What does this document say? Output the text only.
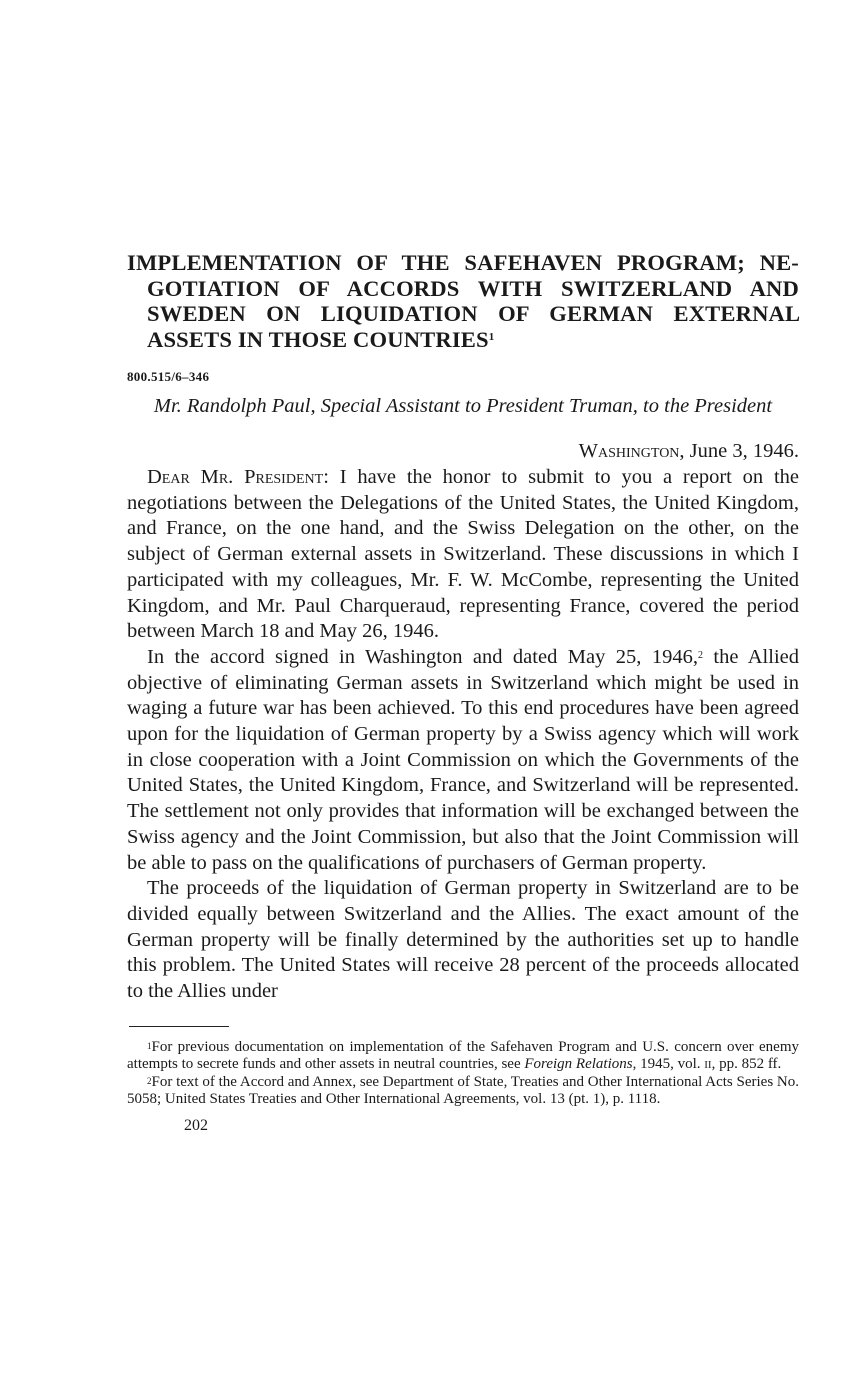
IMPLEMENTATION OF THE SAFEHAVEN PROGRAM; NE- GOTIATION OF ACCORDS WITH SWITZERLAND AND SWEDEN ON LIQUIDATION OF GERMAN EXTERNAL ASSETS IN THOSE COUNTRIES$^1$
800.515/6–346
Mr. Randolph Paul, Special Assistant to President Truman, to the President
Washington, June 3, 1946.

Dear Mr. President: I have the honor to submit to you a report on the negotiations between the Delegations of the United States, the United Kingdom, and France, on the one hand, and the Swiss Delegation on the other, on the subject of German external assets in Switzerland. These discussions in which I participated with my colleagues, Mr. F. W. McCombe, representing the United Kingdom, and Mr. Paul Charqueraud, representing France, covered the period between March 18 and May 26, 1946.

In the accord signed in Washington and dated May 25, 1946,$^2$ the Allied objective of eliminating German assets in Switzerland which might be used in waging a future war has been achieved. To this end procedures have been agreed upon for the liquidation of German property by a Swiss agency which will work in close cooperation with a Joint Commission on which the Governments of the United States, the United Kingdom, France, and Switzerland will be represented. The settlement not only provides that information will be exchanged between the Swiss agency and the Joint Commission, but also that the Joint Commission will be able to pass on the qualifications of purchasers of German property.

The proceeds of the liquidation of German property in Switzerland are to be divided equally between Switzerland and the Allies. The exact amount of the German property will be finally determined by the authorities set up to handle this problem. The United States will receive 28 percent of the proceeds allocated to the Allies under

$^1$For previous documentation on implementation of the Safehaven Program and U.S. concern over enemy attempts to secrete funds and other assets in neutral countries, see Foreign Relations, 1945, vol. ii, pp. 852 ff.

$^2$For text of the Accord and Annex, see Department of State, Treaties and Other International Acts Series No. 5058; United States Treaties and Other International Agreements, vol. 13 (pt. 1), p. 1118.

202
